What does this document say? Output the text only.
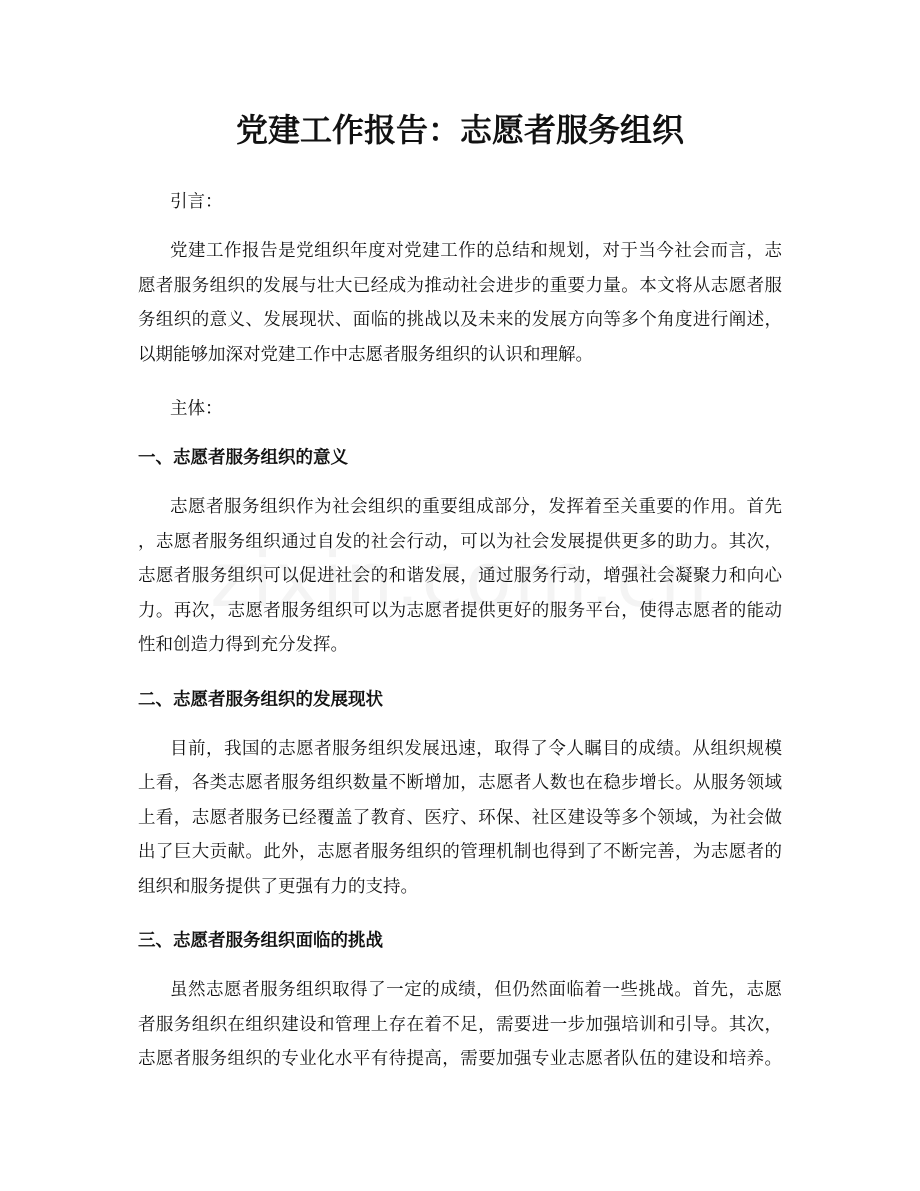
党建工作报告：志愿者服务组织
引言：
党建工作报告是党组织年度对党建工作的总结和规划，对于当今社会而言，志
愿者服务组织的发展与壮大已经成为推动社会进步的重要力量。本文将从志愿者服
务组织的意义、发展现状、面临的挑战以及未来的发展方向等多个角度进行阐述，
以期能够加深对党建工作中志愿者服务组织的认识和理解。
主体：
一、志愿者服务组织的意义
志愿者服务组织作为社会组织的重要组成部分，发挥着至关重要的作用。首先
，志愿者服务组织通过自发的社会行动，可以为社会发展提供更多的助力。其次，
志愿者服务组织可以促进社会的和谐发展，通过服务行动，增强社会凝聚力和向心
力。再次，志愿者服务组织可以为志愿者提供更好的服务平台，使得志愿者的能动
性和创造力得到充分发挥。
二、志愿者服务组织的发展现状
目前，我国的志愿者服务组织发展迅速，取得了令人瞩目的成绩。从组织规模
上看，各类志愿者服务组织数量不断增加，志愿者人数也在稳步增长。从服务领域
上看，志愿者服务已经覆盖了教育、医疗、环保、社区建设等多个领域，为社会做
出了巨大贡献。此外，志愿者服务组织的管理机制也得到了不断完善，为志愿者的
组织和服务提供了更强有力的支持。
三、志愿者服务组织面临的挑战
虽然志愿者服务组织取得了一定的成绩，但仍然面临着一些挑战。首先，志愿
者服务组织在组织建设和管理上存在着不足，需要进一步加强培训和引导。其次，
志愿者服务组织的专业化水平有待提高，需要加强专业志愿者队伍的建设和培养。
